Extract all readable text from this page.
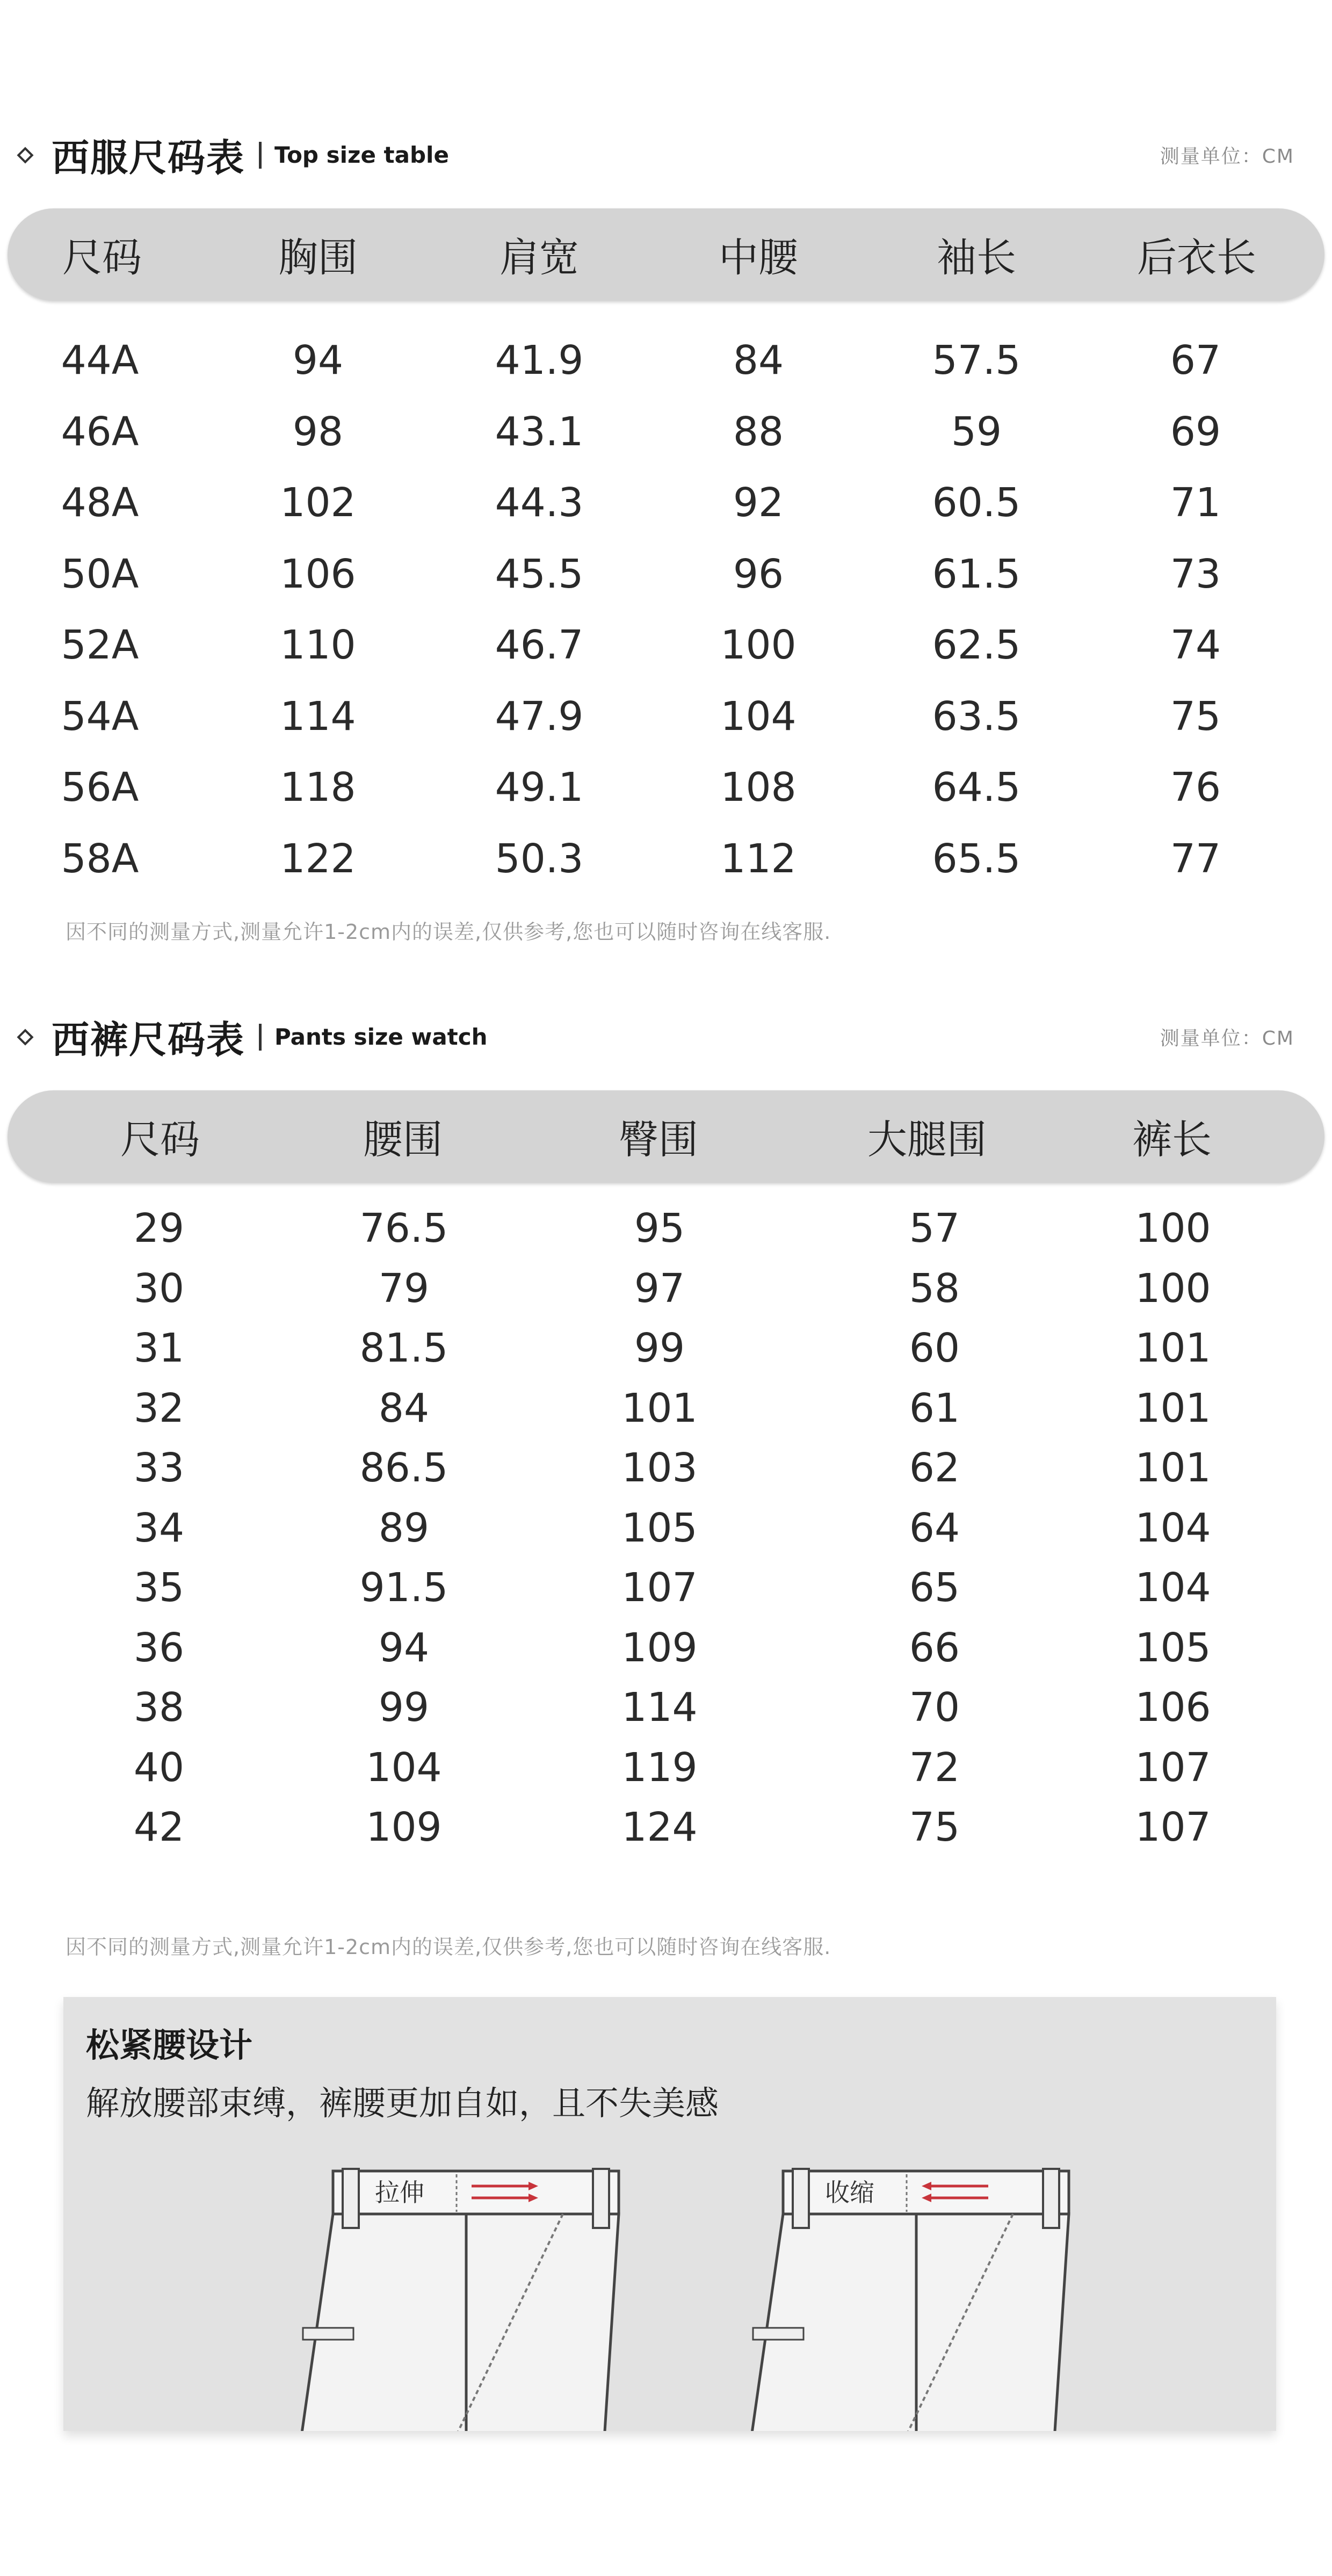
西服尺码表 Top size table	测量单位：CM
尺码	胸围	肩宽	中腰	袖长	后衣长
44A	94	41.9	84	57.5	67
46A	98	43.1	88	59	69
48A	102	44.3	92	60.5	71
50A	106	45.5	96	61.5	73
52A	110	46.7	100	62.5	74
54A	114	47.9	104	63.5	75
56A	118	49.1	108	64.5	76
58A	122	50.3	112	65.5	77
因不同的测量方式,测量允许1-2cm内的误差,仅供参考,您也可以随时咨询在线客服.
西裤尺码表 Pants size watch	测量单位：CM
尺码	腰围	臀围	大腿围	裤长
29	76.5	95	57	100
30	79	97	58	100
31	81.5	99	60	101
32	84	101	61	101
33	86.5	103	62	101
34	89	105	64	104
35	91.5	107	65	104
36	94	109	66	105
38	99	114	70	106
40	104	119	72	107
42	109	124	75	107
因不同的测量方式,测量允许1-2cm内的误差,仅供参考,您也可以随时咨询在线客服.
松紧腰设计
解放腰部束缚，裤腰更加自如，且不失美感
拉伸	收缩
